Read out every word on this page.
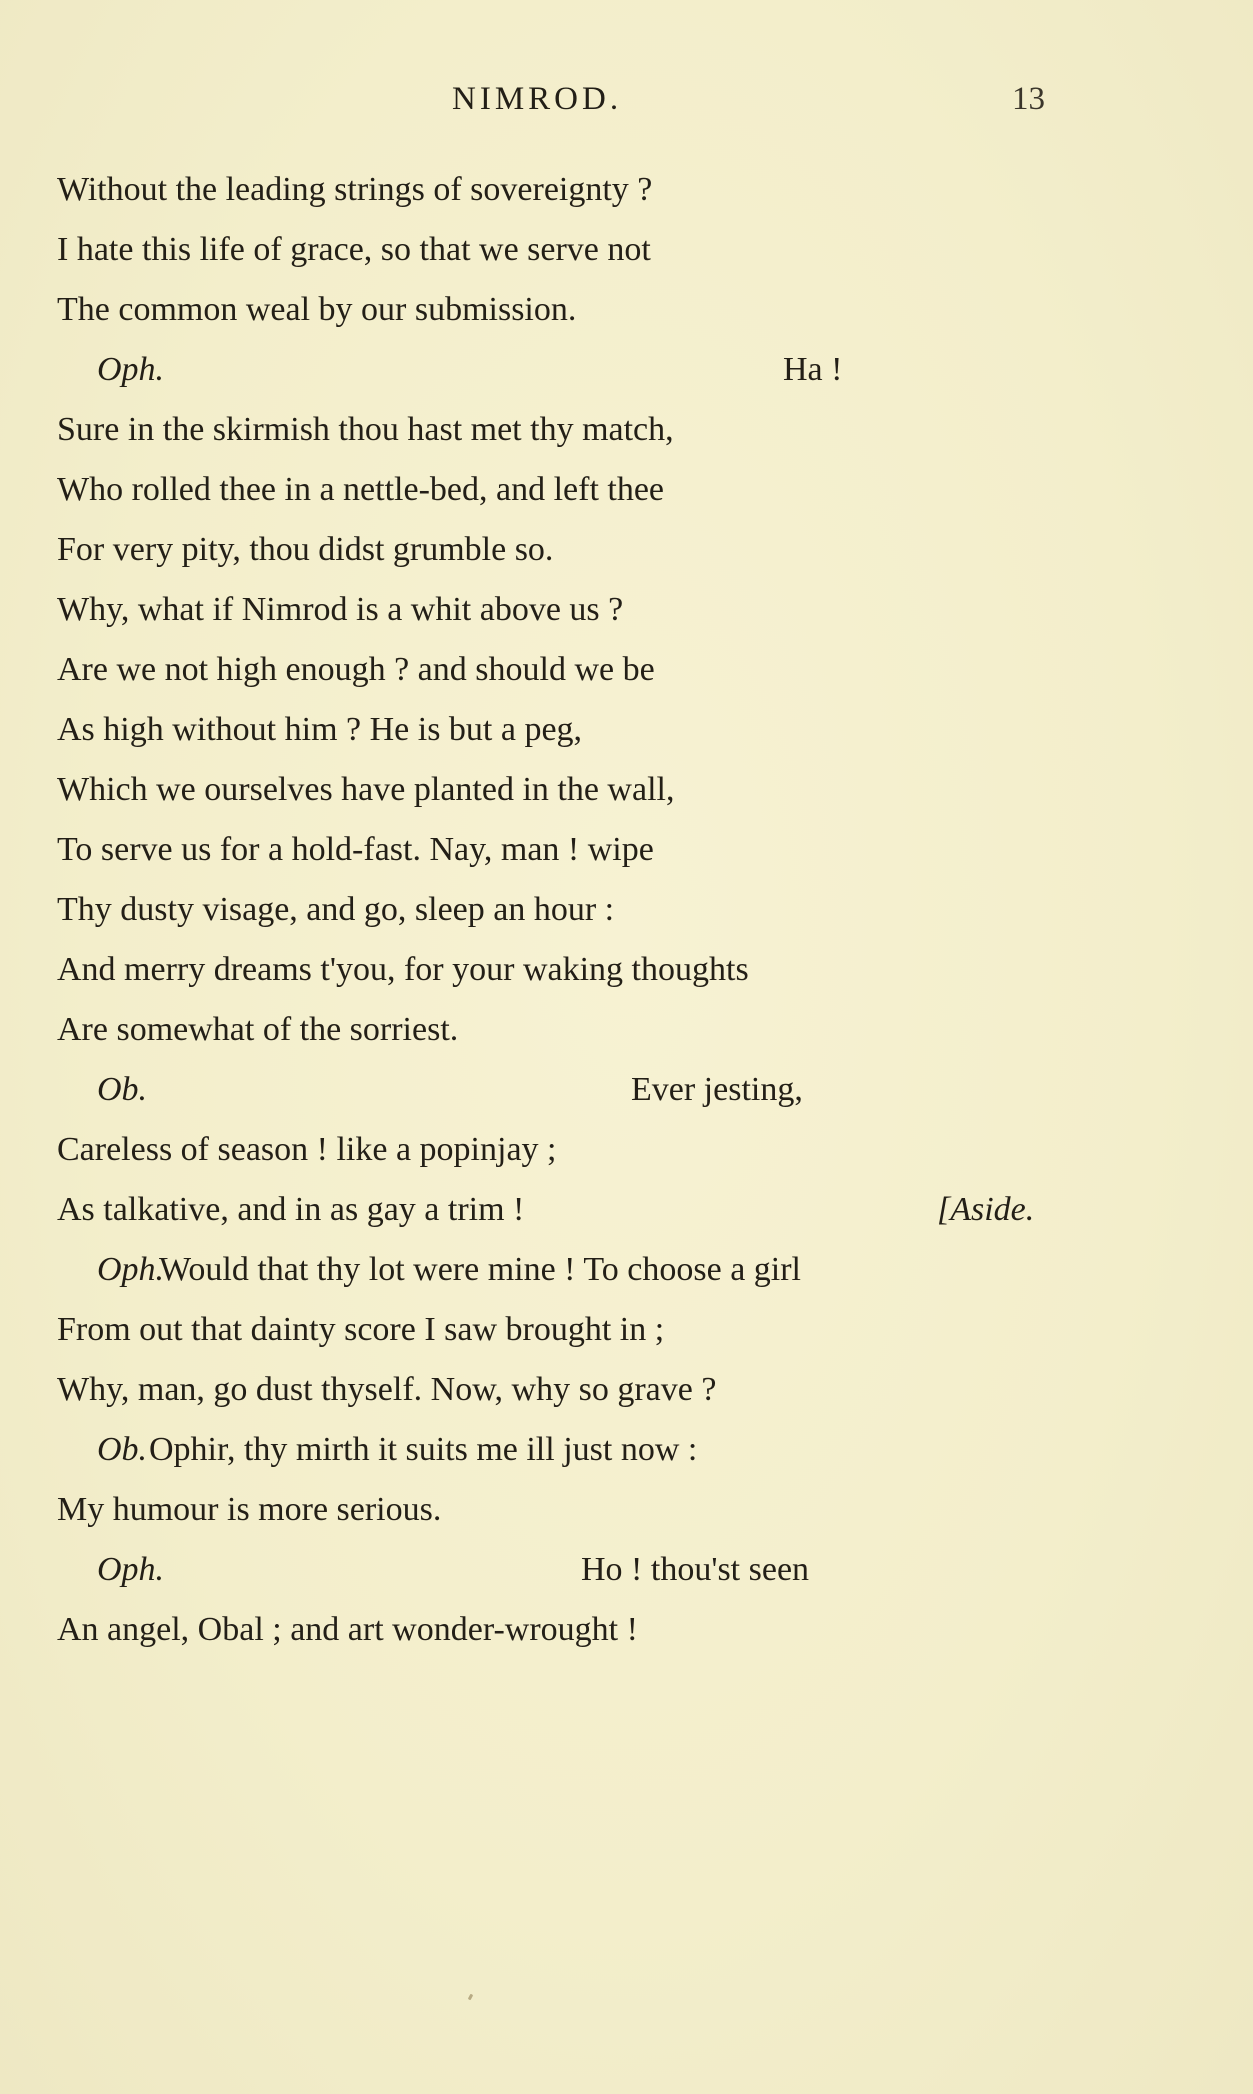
NIMROD.	13
Without the leading strings of sovereignty ?
I hate this life of grace, so that we serve not
The common weal by our submission.
Oph.	Ha !
Sure in the skirmish thou hast met thy match,
Who rolled thee in a nettle-bed, and left thee
For very pity, thou didst grumble so.
Why, what if Nimrod is a whit above us ?
Are we not high enough ? and should we be
As high without him ? He is but a peg,
Which we ourselves have planted in the wall,
To serve us for a hold-fast. Nay, man ! wipe
Thy dusty visage, and go, sleep an hour :
And merry dreams t'you, for your waking thoughts
Are somewhat of the sorriest.
Ob.	Ever jesting,
Careless of season ! like a popinjay ;
As talkative, and in as gay a trim !	[Aside.
Oph.
Would that thy lot were mine ! To choose a girl
From out that dainty score I saw brought in ;
Why, man, go dust thyself. Now, why so grave ?
Ob. Ophir, thy mirth it suits me ill just now :
My humour is more serious.
Oph.	Ho ! thou'st seen
An angel, Obal ; and art wonder-wrought !
